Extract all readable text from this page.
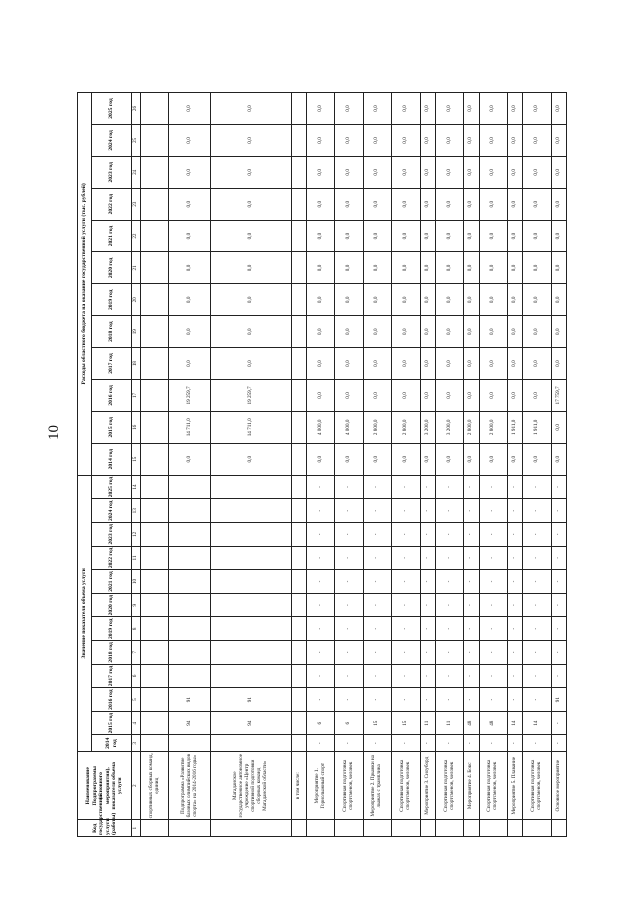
10
Код государственной услуги (работы)	Наименование Подпрограммы (основного мероприятия), показателя объема услуги	Значение показателя объема услуги												Расходы областного бюджета на оказание государственной услуги (тыс. рублей)											
		2014 год	2015 год	2016 год	2017 год	2018 год	2019 год	2020 год	2021 год	2022 год	2023 год	2024 год	2025 год	2014 год	2015 год	2016 год	2017 год	2018 год	2019 год	2020 год	2021 год	2022 год	2023 год	2024 год	2025 год
1	2	3	4	5	6	7	8	9	10	11	12	13	14	15	16	17	18	19	20	21	22	23	24	25	26
	спортивных сборных команд, единиц																								
	Подпрограмма «Развитие базовых олимпийских видов спорта» на 2014-2016 годы»		94	91										0,0	14 711,0	19 259,7	0,0	0,0	0,0	0,0	0,0	0,0	0,0	0,0	0,0
	Магаданское государственное автономное учреждение «Центр спортивной подготовки сборных команд Магаданской области»		94	91										0,0	14 711,0	19 259,7	0,0	0,0	0,0	0,0	0,0	0,0	0,0	0,0	0,0
	в том числе:																								
	Мероприятие 1. Горнолыжный спорт	-	6	-	-	-	-	-	-	-	-	-	-	0,0	4 000,0	0,0	0,0	0,0	0,0	0,0	0,0	0,0	0,0	0,0	0,0
	Спортивная подготовка спортсменов, человек	-	6	-	-	-	-	-	-	-	-	-	-	0,0	4 000,0	0,0	0,0	0,0	0,0	0,0	0,0	0,0	0,0	0,0	0,0
	Мероприятие 2. Прыжки на лыжах с трамплина	-	15	-	-	-	-	-	-	-	-	-	-	0,0	2 800,0	0,0	0,0	0,0	0,0	0,0	0,0	0,0	0,0	0,0	0,0
	Спортивная подготовка спортсменов, человек	-	15	-	-	-	-	-	-	-	-	-	-	0,0	2 800,0	0,0	0,0	0,0	0,0	0,0	0,0	0,0	0,0	0,0	0,0
	Мероприятие 3. Сноуборд	-	11	-	-	-	-	-	-	-	-	-	-	0,0	3 200,0	0,0	0,0	0,0	0,0	0,0	0,0	0,0	0,0	0,0	0,0
	Спортивная подготовка спортсменов, человек	-	11	-	-	-	-	-	-	-	-	-	-	0,0	3 200,0	0,0	0,0	0,0	0,0	0,0	0,0	0,0	0,0	0,0	0,0
	Мероприятие 4. Бокс	-	48	-	-	-	-	-	-	-	-	-	-	0,0	2 800,0	0,0	0,0	0,0	0,0	0,0	0,0	0,0	0,0	0,0	0,0
	Спортивная подготовка спортсменов, человек	-	48	-	-	-	-	-	-	-	-	-	-	0,0	2 800,0	0,0	0,0	0,0	0,0	0,0	0,0	0,0	0,0	0,0	0,0
	Мероприятие 5. Плавание	-	14	-	-	-	-	-	-	-	-	-	-	0,0	1 911,0	0,0	0,0	0,0	0,0	0,0	0,0	0,0	0,0	0,0	0,0
	Спортивная подготовка спортсменов, человек	-	14	-	-	-	-	-	-	-	-	-	-	0,0	1 911,0	0,0	0,0	0,0	0,0	0,0	0,0	0,0	0,0	0,0	0,0
	Основное мероприятие	-	-	91	-	-	-	-	-	-	-	-	-	0,0	0,0	17 759,7	0,0	0,0	0,0	0,0	0,0	0,0	0,0	0,0	0,0
